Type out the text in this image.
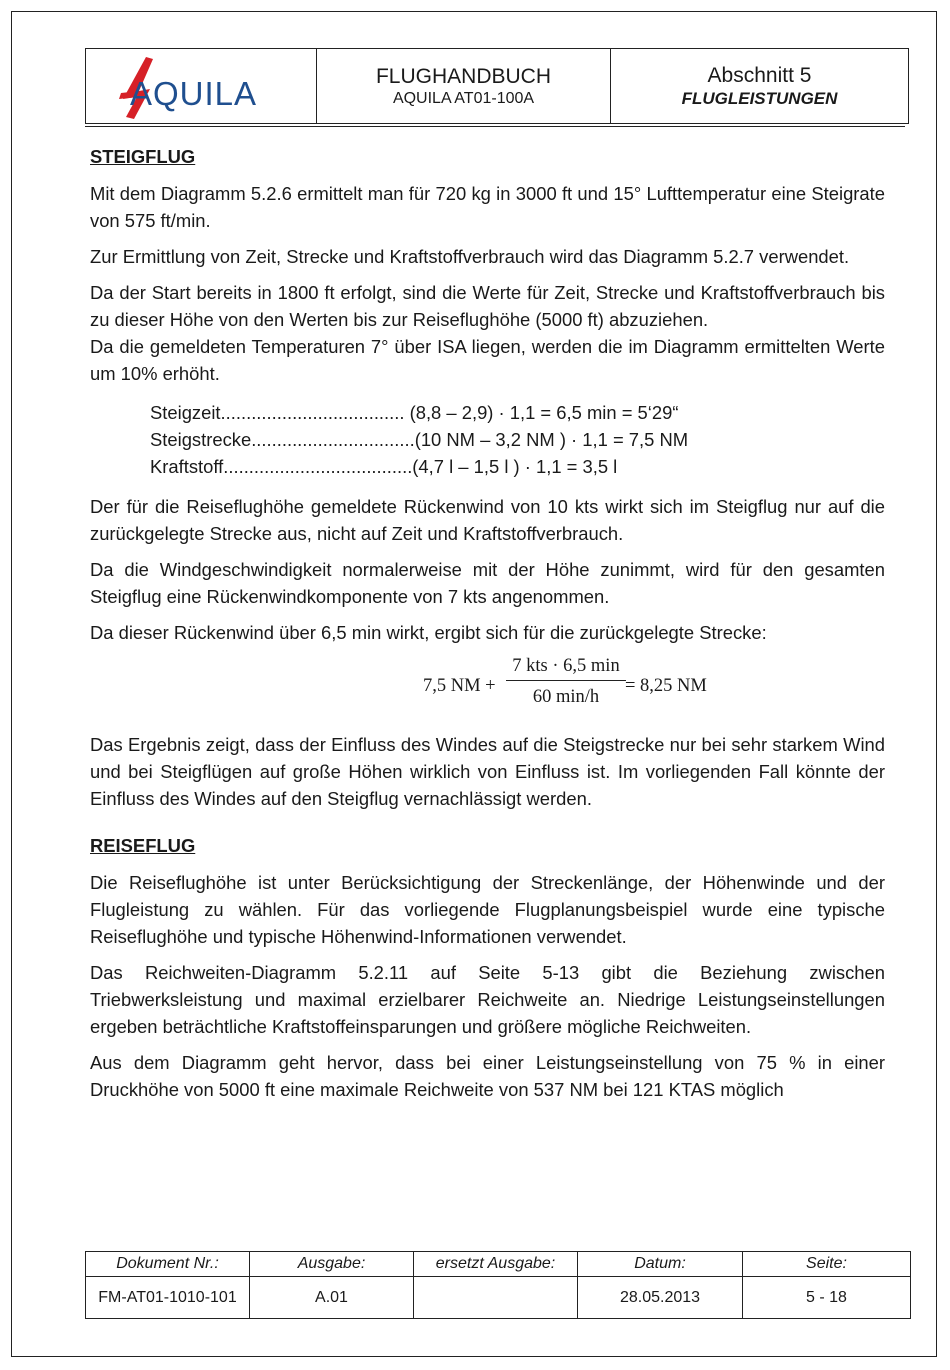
AQUILA	FLUGHANDBUCH
AQUILA AT01-100A

Abschnitt 5
FLUGLEISTUNGEN
STEIGFLUG

Mit dem Diagramm 5.2.6 ermittelt man für 720 kg in 3000 ft und 15° Lufttemperatur eine Steigrate von 575 ft/min.

Zur Ermittlung von Zeit, Strecke und Kraftstoffverbrauch wird das Diagramm 5.2.7 verwendet.

Da der Start bereits in 1800 ft erfolgt, sind die Werte für Zeit, Strecke und Kraftstoffverbrauch bis zu dieser Höhe von den Werten bis zur Reiseflughöhe (5000 ft) abzuziehen.

Da die gemeldeten Temperaturen 7° über ISA liegen, werden die im Diagramm ermittelten Werte um 10% erhöht.

Steigzeit.................................... (8,8 – 2,9) · 1,1 = 6,5 min = 5‘29“
Steigstrecke................................(10 NM – 3,2 NM ) · 1,1 = 7,5 NM
Kraftstoff.....................................(4,7 l – 1,5 l ) · 1,1 = 3,5 l

Der für die Reiseflughöhe gemeldete Rückenwind von 10 kts wirkt sich im Steigflug nur auf die zurückgelegte Strecke aus, nicht auf Zeit und Kraftstoffverbrauch.

Da die Windgeschwindigkeit normalerweise mit der Höhe zunimmt, wird für den gesamten Steigflug eine Rückenwindkomponente von 7 kts angenommen.

Da dieser Rückenwind über 6,5 min wirkt, ergibt sich für die zurückgelegte Strecke:

7,5 NM +
7 kts · 6,5 min
60 min/h
= 8,25 NM

Das Ergebnis zeigt, dass der Einfluss des Windes auf die Steigstrecke nur bei sehr starkem Wind und bei Steigflügen auf große Höhen wirklich von Einfluss ist. Im vorliegenden Fall könnte der Einfluss des Windes auf den Steigflug vernachlässigt werden.

REISEFLUG

Die Reiseflughöhe ist unter Berücksichtigung der Streckenlänge, der Höhenwinde und der Flugleistung zu wählen. Für das vorliegende Flugplanungsbeispiel wurde eine typische Reiseflughöhe und typische Höhenwind-Informationen verwendet.

Das Reichweiten-Diagramm 5.2.11 auf Seite 5-13 gibt die Beziehung zwischen Triebwerksleistung und maximal erzielbarer Reichweite an. Niedrige Leistungseinstellungen ergeben beträchtliche Kraftstoffeinsparungen und größere mögliche Reichweiten.

Aus dem Diagramm geht hervor, dass bei einer Leistungseinstellung von 75 % in einer Druckhöhe von 5000 ft eine maximale Reichweite von 537 NM bei 121 KTAS möglich

Dokument Nr.:	Ausgabe:	ersetzt Ausgabe:	Datum:	Seite:
FM-AT01-1010-101	A.01		28.05.2013	5 - 18
